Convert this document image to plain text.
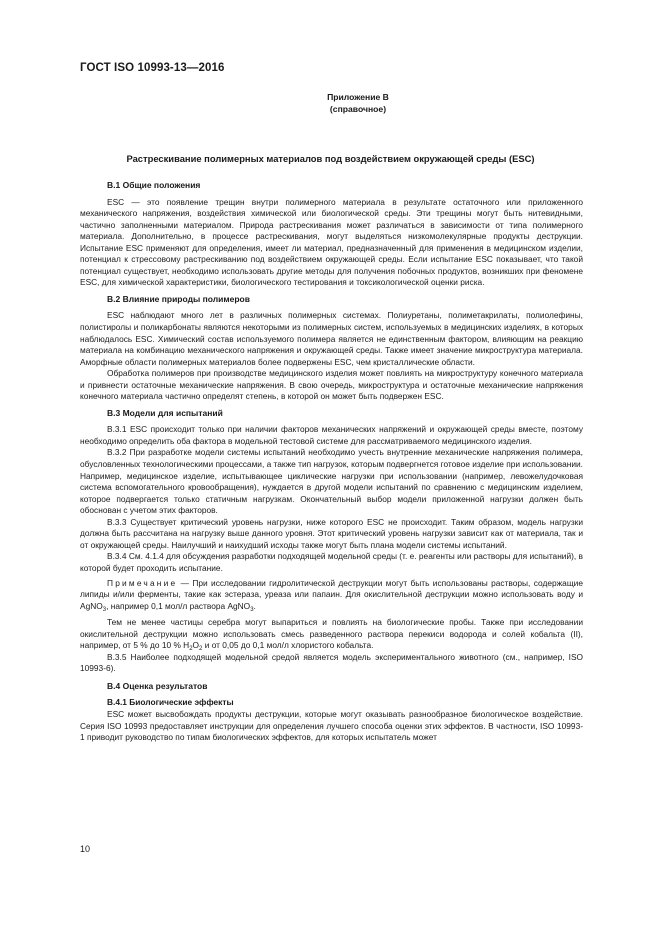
ГОСТ ISO 10993-13—2016
Приложение В
(справочное)
Растрескивание полимерных материалов под воздействием окружающей среды (ESC)
В.1 Общие положения

ESC — это появление трещин внутри полимерного материала в результате остаточного или приложенного механического напряжения, воздействия химической или биологической среды. Эти трещины могут быть нитевидными, частично заполненными материалом. Природа растрескивания может различаться в зависимости от типа полимерного материала. Дополнительно, в процессе растрескивания, могут выделяться низкомолекулярные продукты деструкции. Испытание ESC применяют для определения, имеет ли материал, предназначенный для применения в медицинском изделии, потенциал к стрессовому растрескиванию под воздействием окружающей среды. Если испытание ESC показывает, что такой потенциал существует, необходимо использовать другие методы для получения побочных продуктов, возникших при феномене ESC, для химической характеристики, биологического тестирования и токсикологической оценки риска.

В.2 Влияние природы полимеров

ESC наблюдают много лет в различных полимерных системах. Полиуретаны, полиметакрилаты, полиолефины, полистиролы и поликарбонаты являются некоторыми из полимерных систем, используемых в медицинских изделиях, в которых наблюдалось ESC. Химический состав используемого полимера является не единственным фактором, влияющим на реакцию материала на комбинацию механического напряжения и окружающей среды. Также имеет значение микроструктура материала. Аморфные области полимерных материалов более подвержены ESC, чем кристаллические области.

Обработка полимеров при производстве медицинского изделия может повлиять на микроструктуру конечного материала и привнести остаточные механические напряжения. В свою очередь, микроструктура и остаточные механические напряжения конечного материала частично определят степень, в которой он может быть подвержен ESC.

В.3 Модели для испытаний

В.3.1 ESC происходит только при наличии факторов механических напряжений и окружающей среды вместе, поэтому необходимо определить оба фактора в модельной тестовой системе для рассматриваемого медицинского изделия.

В.3.2 При разработке модели системы испытаний необходимо учесть внутренние механические напряжения полимера, обусловленных технологическими процессами, а также тип нагрузок, которым подвергнется готовое изделие при использовании. Например, медицинское изделие, испытывающее циклические нагрузки при использовании (например, левожелудочковая система вспомогательного кровообращения), нуждается в другой модели испытаний по сравнению с медицинским изделием, которое подвергается только статичным нагрузкам. Окончательный выбор модели приложенной нагрузки должен быть обоснован с учетом этих факторов.

В.3.3 Существует критический уровень нагрузки, ниже которого ESC не происходит. Таким образом, модель нагрузки должна быть рассчитана на нагрузку выше данного уровня. Этот критический уровень нагрузки зависит как от материала, так и от окружающей среды. Наилучший и наихудший исходы также могут быть плана модели системы испытаний.

В.3.4 См. 4.1.4 для обсуждения разработки подходящей модельной среды (т. е. реагенты или растворы для испытаний), в которой будет проходить испытание.

Примечание — При исследовании гидролитической деструкции могут быть использованы растворы, содержащие липиды и/или ферменты, такие как эстераза, уреаза или папаин. Для окислительной деструкции можно использовать воду и AgNO$_3$, например 0,1 мол/л раствора AgNO$_3$.

Тем не менее частицы серебра могут выпариться и повлиять на биологические пробы. Также при исследовании окислительной деструкции можно использовать смесь разведенного раствора перекиси водорода и солей кобальта (II), например, от 5 % до 10 % $H_2O_2$ и от 0,05 до 0,1 мол/л хлористого кобальта.

В.3.5 Наиболее подходящей модельной средой является модель экспериментального животного (см., например, ISO 10993-6).

В.4 Оценка результатов
В.4.1 Биологические эффекты

ESC может высвобождать продукты деструкции, которые могут оказывать разнообразное биологическое воздействие. Серия ISO 10993 предоставляет инструкции для определения лучшего способа оценки этих эффектов. В частности, ISO 10993-1 приводит руководство по типам биологических эффектов, для которых испытатель может

10
